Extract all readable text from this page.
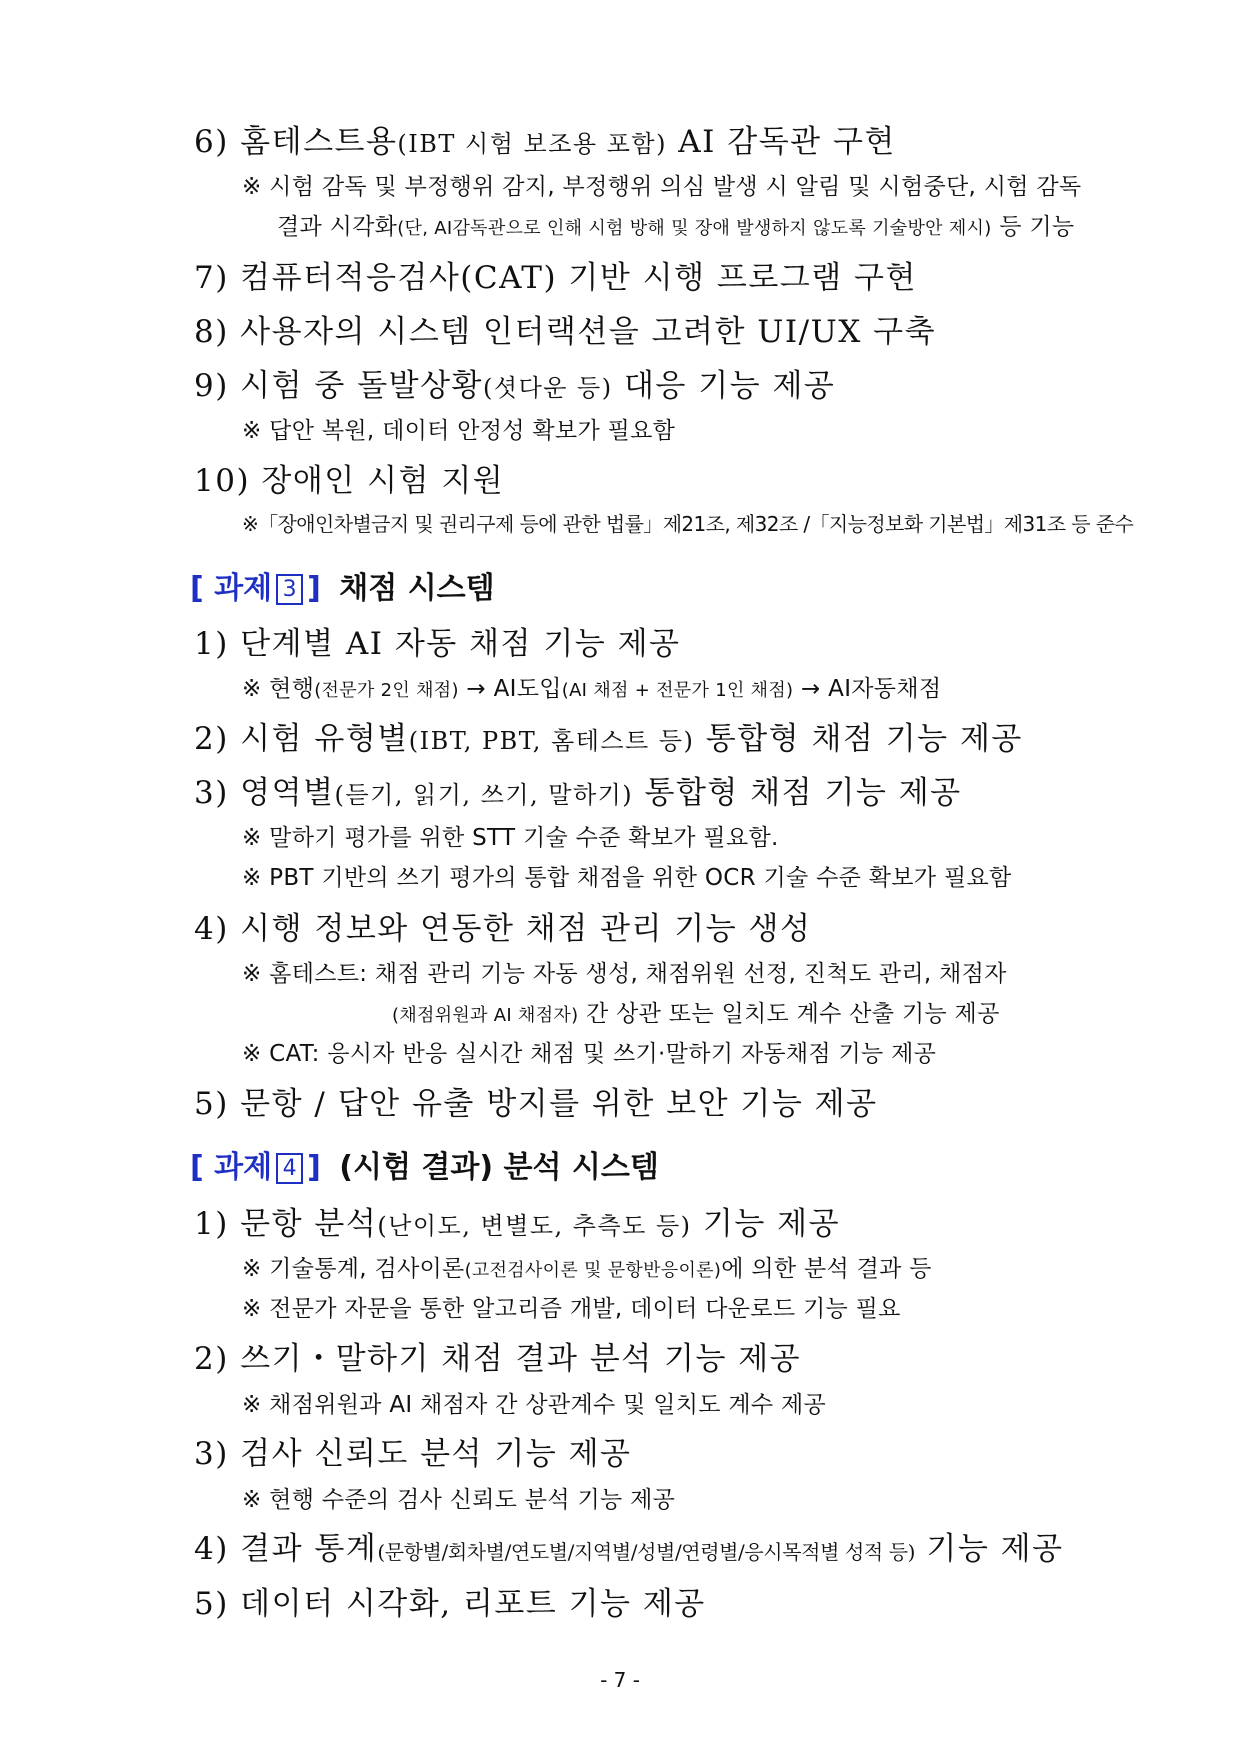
6) 홈테스트용(IBT 시험 보조용 포함) AI 감독관 구현
※ 시험 감독 및 부정행위 감지, 부정행위 의심 발생 시 알림 및 시험중단, 시험 감독
결과 시각화(단, AI감독관으로 인해 시험 방해 및 장애 발생하지 않도록 기술방안 제시) 등 기능
7) 컴퓨터적응검사(CAT) 기반 시행 프로그램 구현
8) 사용자의 시스템 인터랙션을 고려한 UI/UX 구축
9) 시험 중 돌발상황(셧다운 등) 대응 기능 제공
※ 답안 복원, 데이터 안정성 확보가 필요함
10) 장애인 시험 지원
※「장애인차별금지 및 권리구제 등에 관한 법률」제21조, 제32조 /「지능정보화 기본법」제31조 등 준수
[ 과제 3 ] 채점 시스템
1) 단계별 AI 자동 채점 기능 제공
※ 현행(전문가 2인 채점) → AI도입(AI 채점 + 전문가 1인 채점) → AI자동채점
2) 시험 유형별(IBT, PBT, 홈테스트 등) 통합형 채점 기능 제공
3) 영역별(듣기, 읽기, 쓰기, 말하기) 통합형 채점 기능 제공
※ 말하기 평가를 위한 STT 기술 수준 확보가 필요함.
※ PBT 기반의 쓰기 평가의 통합 채점을 위한 OCR 기술 수준 확보가 필요함
4) 시행 정보와 연동한 채점 관리 기능 생성
※ 홈테스트: 채점 관리 기능 자동 생성, 채점위원 선정, 진척도 관리, 채점자
(채점위원과 AI 채점자) 간 상관 또는 일치도 계수 산출 기능 제공
※ CAT: 응시자 반응 실시간 채점 및 쓰기·말하기 자동채점 기능 제공
5) 문항 / 답안 유출 방지를 위한 보안 기능 제공
[ 과제 4 ] (시험 결과) 분석 시스템
1) 문항 분석(난이도, 변별도, 추측도 등) 기능 제공
※ 기술통계, 검사이론(고전검사이론 및 문항반응이론)에 의한 분석 결과 등
※ 전문가 자문을 통한 알고리즘 개발, 데이터 다운로드 기능 필요
2) 쓰기・말하기 채점 결과 분석 기능 제공
※ 채점위원과 AI 채점자 간 상관계수 및 일치도 계수 제공
3) 검사 신뢰도 분석 기능 제공
※ 현행 수준의 검사 신뢰도 분석 기능 제공
4) 결과 통계(문항별/회차별/연도별/지역별/성별/연령별/응시목적별 성적 등) 기능 제공
5) 데이터 시각화, 리포트 기능 제공
- 7 -
